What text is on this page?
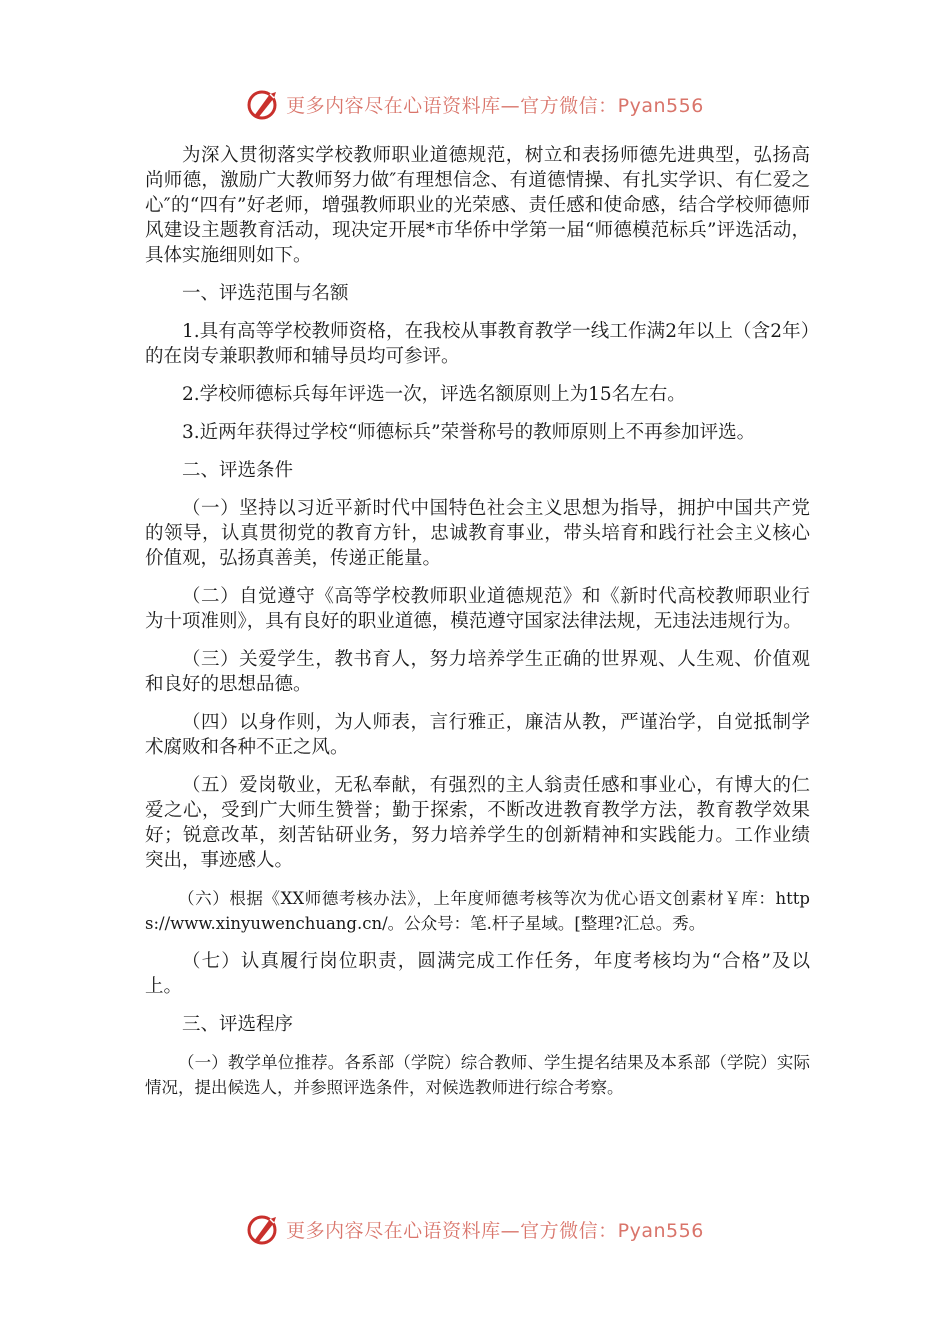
更多内容尽在心语资料库—官方微信：Pyan556

为深入贯彻落实学校教师职业道德规范，树立和表扬师德先进典型，弘扬高尚师德，激励广大教师努力做″有理想信念、有道德情操、有扎实学识、有仁爱之心″的“四有”好老师，增强教师职业的光荣感、责任感和使命感，结合学校师德师风建设主题教育活动，现决定开展*市华侨中学第一届“师德模范标兵”评选活动，具体实施细则如下。

一、评选范围与名额

1.具有高等学校教师资格，在我校从事教育教学一线工作满2年以上（含2年）的在岗专兼职教师和辅导员均可参评。

2.学校师德标兵每年评选一次，评选名额原则上为15名左右。

3.近两年获得过学校“师德标兵”荣誉称号的教师原则上不再参加评选。

二、评选条件

（一）坚持以习近平新时代中国特色社会主义思想为指导，拥护中国共产党的领导，认真贯彻党的教育方针，忠诚教育事业，带头培育和践行社会主义核心价值观，弘扬真善美，传递正能量。

（二）自觉遵守《高等学校教师职业道德规范》和《新时代高校教师职业行为十项准则》，具有良好的职业道德，模范遵守国家法律法规，无违法违规行为。

（三）关爱学生，教书育人，努力培养学生正确的世界观、人生观、价值观和良好的思想品德。

（四）以身作则，为人师表，言行雅正，廉洁从教，严谨治学，自觉抵制学术腐败和各种不正之风。

（五）爱岗敬业，无私奉献，有强烈的主人翁责任感和事业心，有博大的仁爱之心，受到广大师生赞誉；勤于探索，不断改进教育教学方法，教育教学效果好；锐意改革，刻苦钻研业务，努力培养学生的创新精神和实践能力。工作业绩突出，事迹感人。

（六）根据《XX师德考核办法》，上年度师德考核等次为优心语文创素材￥库：https://www.xinyuwenchuang.cn/。公众号：笔.杆子星域。[整理?汇总。秀。

（七）认真履行岗位职责，圆满完成工作任务，年度考核均为“合格”及以上。

三、评选程序

（一）教学单位推荐。各系部（学院）综合教师、学生提名结果及本系部（学院）实际情况，提出候选人，并参照评选条件，对候选教师进行综合考察。

更多内容尽在心语资料库—官方微信：Pyan556
